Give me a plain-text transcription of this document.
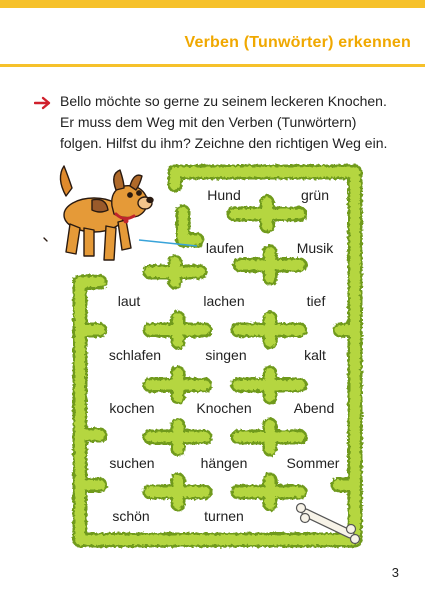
Verben (Tunwörter) erkennen
Bello möchte so gerne zu seinem leckeren Knochen.
Er muss dem Weg mit den Verben (Tunwörtern)
folgen. Hilfst du ihm? Zeichne den richtigen Weg ein.
Hund	grün
laufen	Musik
laut	lachen	tief
schlafen	singen	kalt
kochen	Knochen	Abend
suchen	hängen	Sommer
schön	turnen
3
